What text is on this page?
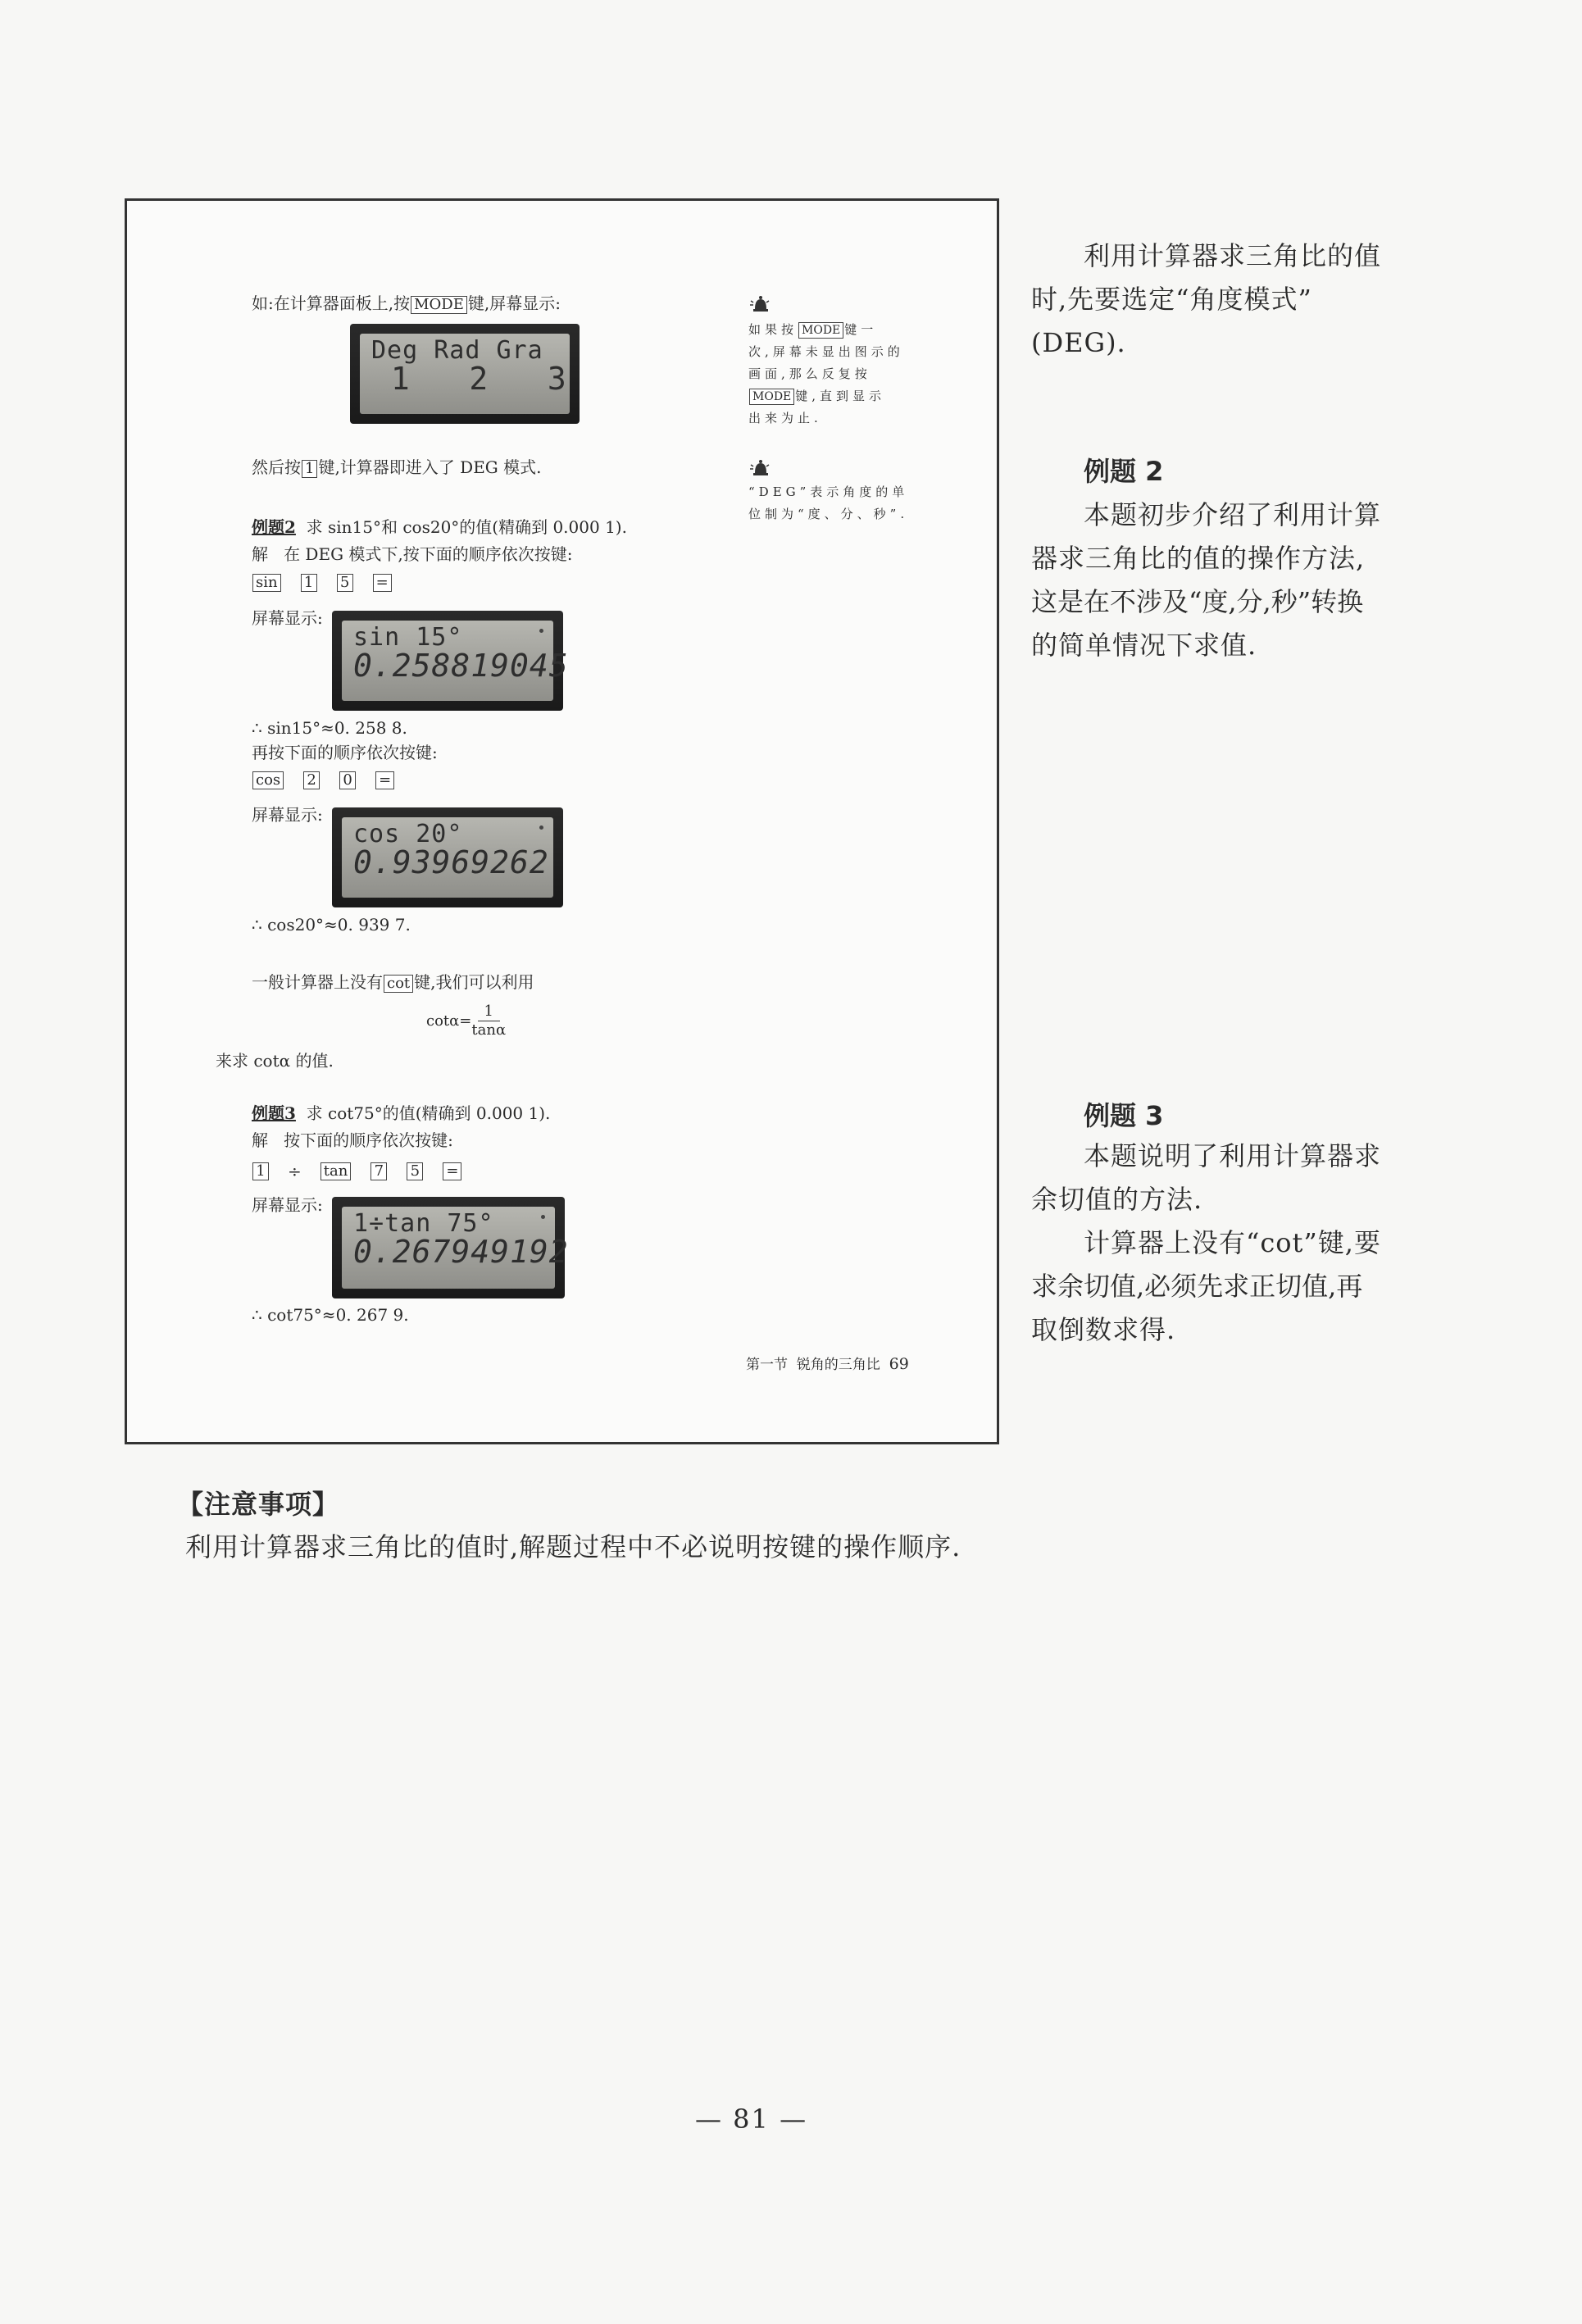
如:在计算器面板上,按 MODE 键,屏幕显示:
Deg Rad Gra
1   2   3
然后按 1 键,计算器即进入了 DEG 模式.
如果按 MODE 键一
次,屏幕未显出图示的
画面,那么反复按
MODE 键,直到显示
出来为止.
“DEG”表示角度的单
位制为“度、分、秒”.
例题2 求 sin15°和 cos20°的值(精确到 0.000 1).
解 在 DEG 模式下,按下面的顺序依次按键:
sin 1 5 =
屏幕显示:
sin 15°
0.258819045
∴ sin15°≈0. 258 8.
再按下面的顺序依次按键:
cos 2 0 =
屏幕显示:
cos 20°
0.93969262
∴ cos20°≈0. 939 7.
一般计算器上没有 cot 键,我们可以利用
$\cot\alpha= \frac{1}{\tan\alpha}$
来求 cotα 的值.
例题3 求 cot75°的值(精确到 0.000 1).
解 按下面的顺序依次按键:
1 ÷ tan 7 5 =
屏幕显示:
1÷tan 75°
0.267949192
∴ cot75°≈0. 267 9.
第一节 锐角的三角比 69
利用计算器求三角比的值
时,先要选定“角度模式”
(DEG).
例题 2
本题初步介绍了利用计算
器求三角比的值的操作方法,
这是在不涉及“度,分,秒”转换
的简单情况下求值.
例题 3
本题说明了利用计算器求
余切值的方法.
计算器上没有“cot”键,要
求余切值,必须先求正切值,再
取倒数求得.
【注意事项】
利用计算器求三角比的值时,解题过程中不必说明按键的操作顺序.
— 81 —
